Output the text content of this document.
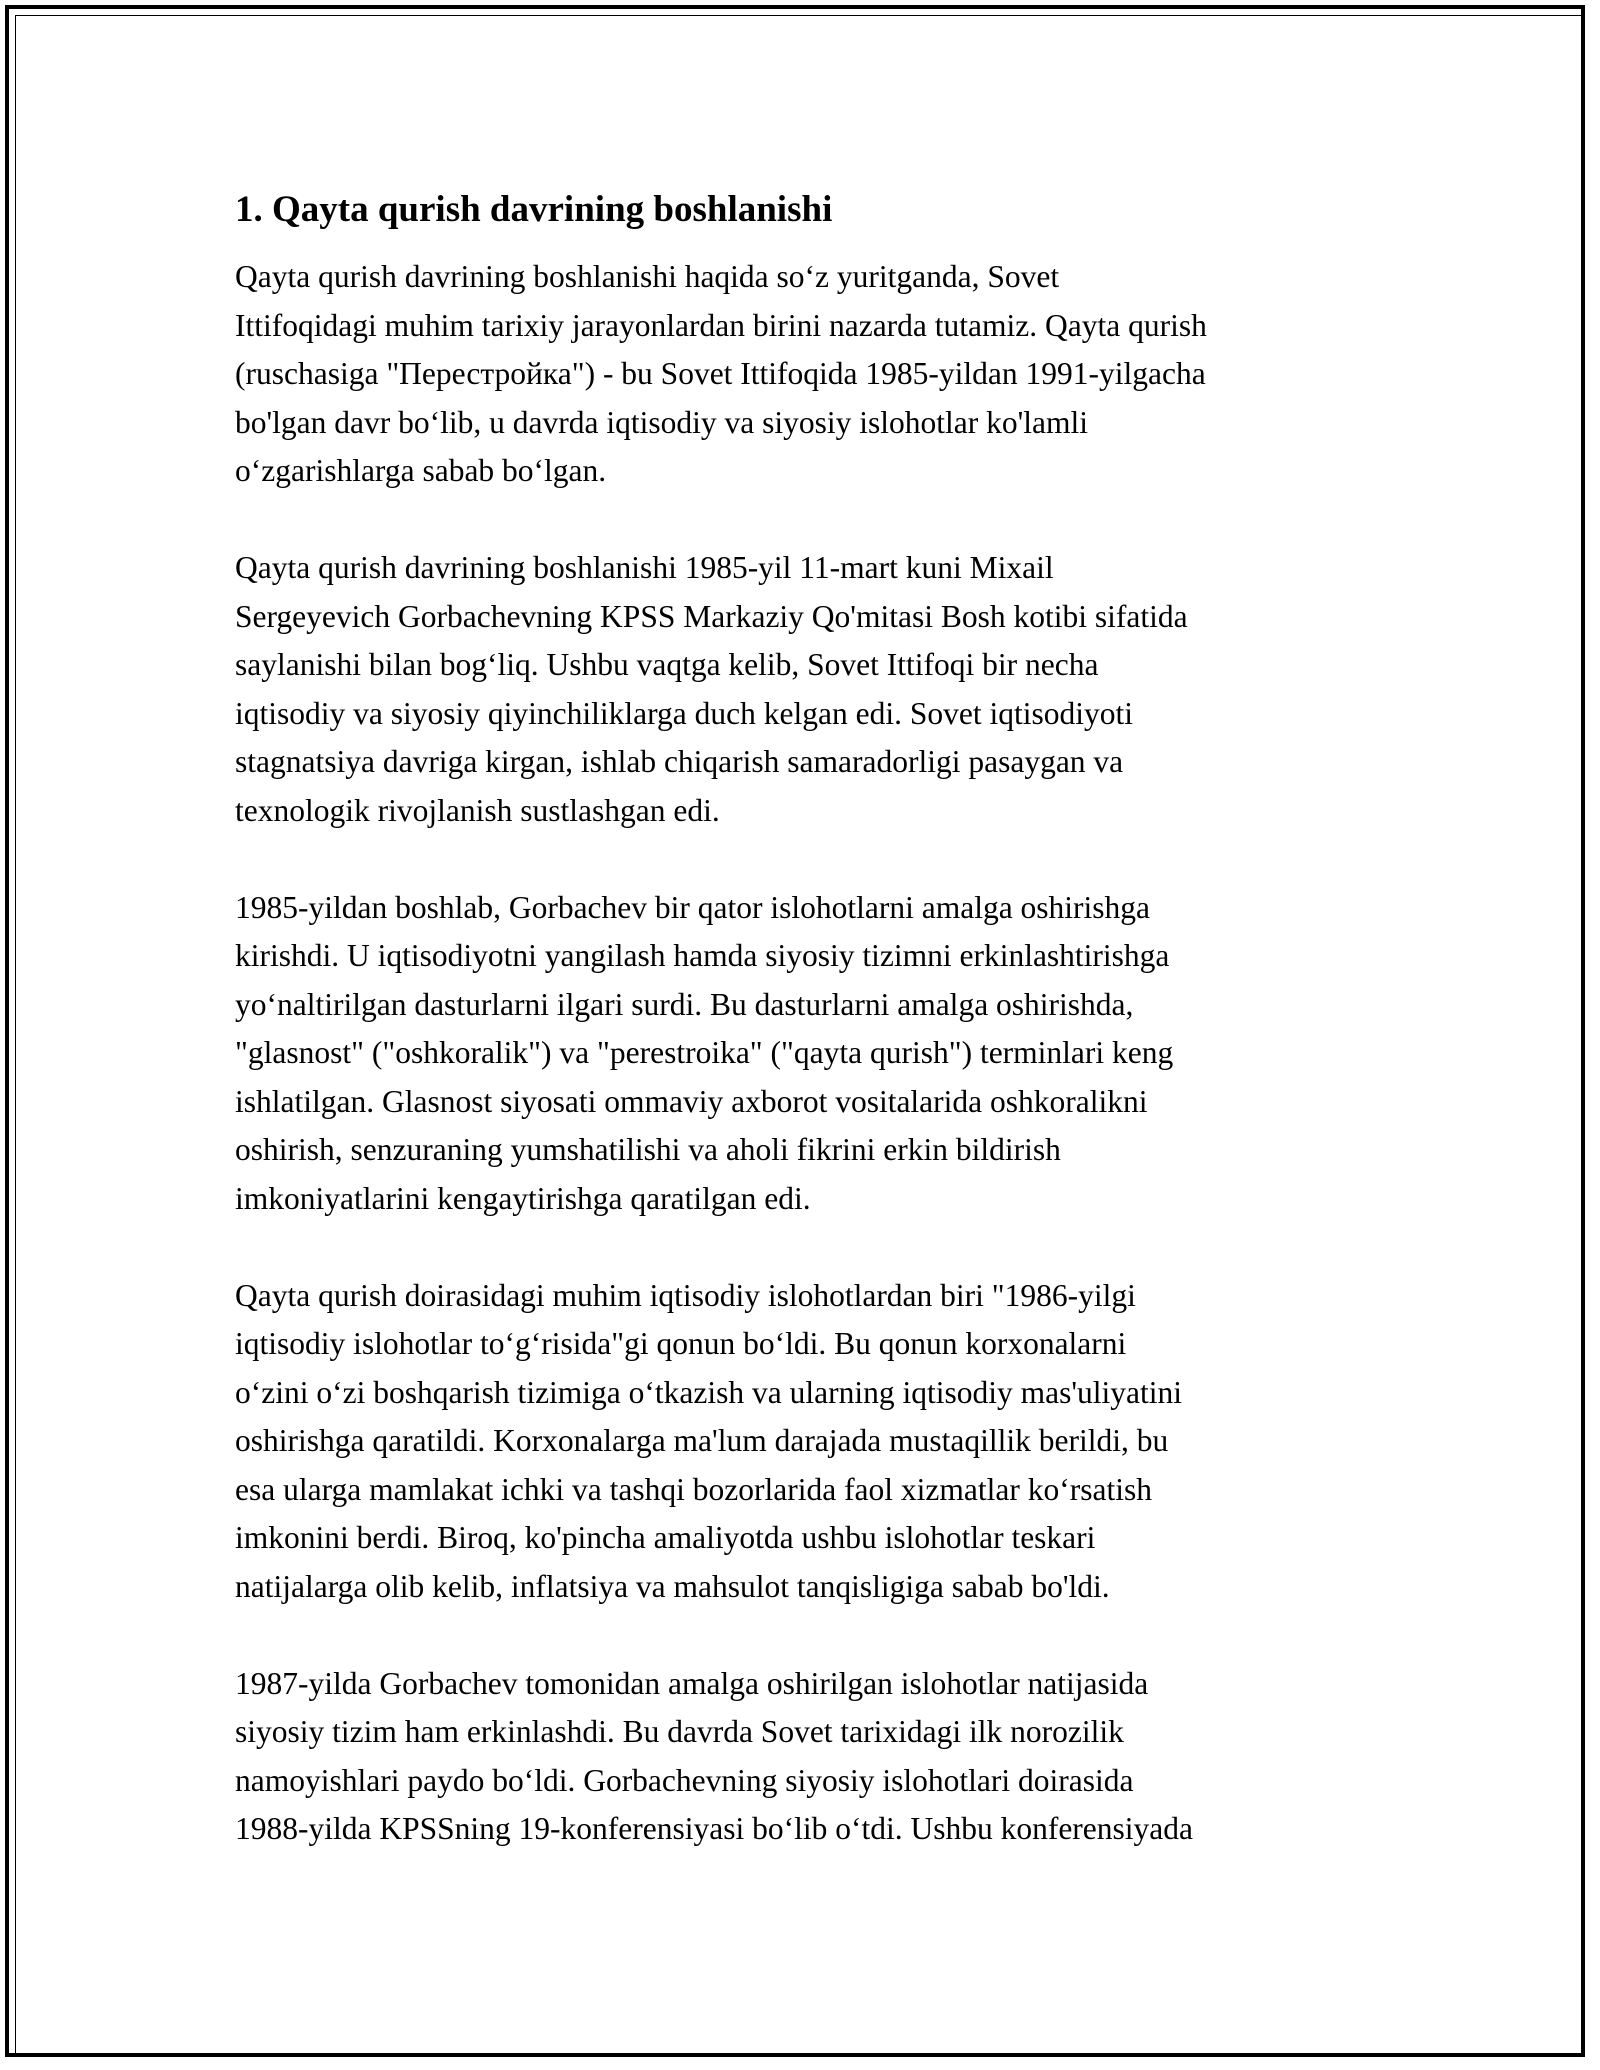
1. Qayta qurish davrining boshlanishi
Qayta qurish davrining boshlanishi haqida so‘z yuritganda, Sovet
Ittifoqidagi muhim tarixiy jarayonlardan birini nazarda tutamiz. Qayta qurish
(ruschasiga "Перестройка") - bu Sovet Ittifoqida 1985-yildan 1991-yilgacha
bo'lgan davr bo‘lib, u davrda iqtisodiy va siyosiy islohotlar ko'lamli
o‘zgarishlarga sabab bo‘lgan.
Qayta qurish davrining boshlanishi 1985-yil 11-mart kuni Mixail
Sergeyevich Gorbachevning KPSS Markaziy Qo'mitasi Bosh kotibi sifatida
saylanishi bilan bog‘liq. Ushbu vaqtga kelib, Sovet Ittifoqi bir necha
iqtisodiy va siyosiy qiyinchiliklarga duch kelgan edi. Sovet iqtisodiyoti
stagnatsiya davriga kirgan, ishlab chiqarish samaradorligi pasaygan va
texnologik rivojlanish sustlashgan edi.
1985-yildan boshlab, Gorbachev bir qator islohotlarni amalga oshirishga
kirishdi. U iqtisodiyotni yangilash hamda siyosiy tizimni erkinlashtirishga
yo‘naltirilgan dasturlarni ilgari surdi. Bu dasturlarni amalga oshirishda,
"glasnost" ("oshkoralik") va "perestroika" ("qayta qurish") terminlari keng
ishlatilgan. Glasnost siyosati ommaviy axborot vositalarida oshkoralikni
oshirish, senzuraning yumshatilishi va aholi fikrini erkin bildirish
imkoniyatlarini kengaytirishga qaratilgan edi.
Qayta qurish doirasidagi muhim iqtisodiy islohotlardan biri "1986-yilgi
iqtisodiy islohotlar to‘g‘risida"gi qonun bo‘ldi. Bu qonun korxonalarni
o‘zini o‘zi boshqarish tizimiga o‘tkazish va ularning iqtisodiy mas'uliyatini
oshirishga qaratildi. Korxonalarga ma'lum darajada mustaqillik berildi, bu
esa ularga mamlakat ichki va tashqi bozorlarida faol xizmatlar ko‘rsatish
imkonini berdi. Biroq, ko'pincha amaliyotda ushbu islohotlar teskari
natijalarga olib kelib, inflatsiya va mahsulot tanqisligiga sabab bo'ldi.
1987-yilda Gorbachev tomonidan amalga oshirilgan islohotlar natijasida
siyosiy tizim ham erkinlashdi. Bu davrda Sovet tarixidagi ilk norozilik
namoyishlari paydo bo‘ldi. Gorbachevning siyosiy islohotlari doirasida
1988-yilda KPSSning 19-konferensiyasi bo‘lib o‘tdi. Ushbu konferensiyada
